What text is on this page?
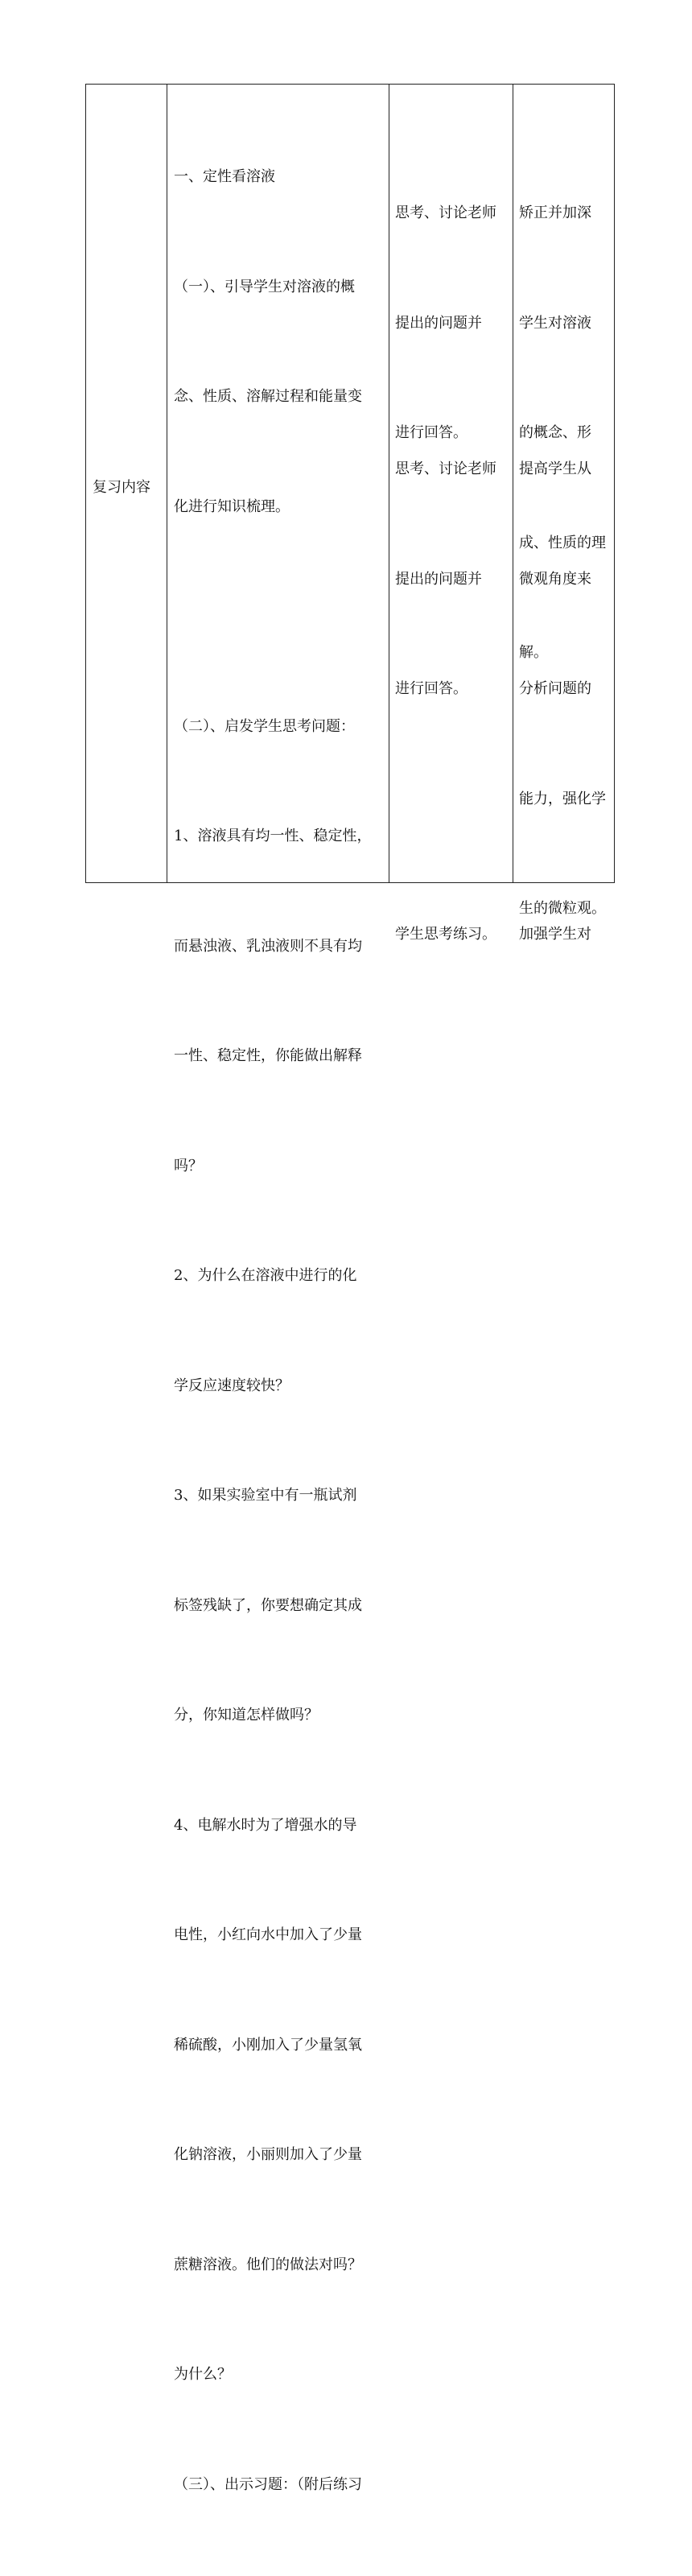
复习内容

一、定性看溶液

（一）、引导学生对溶液的概

念、性质、溶解过程和能量变

化进行知识梳理。

（二）、启发学生思考问题：

1、溶液具有均一性、稳定性，

而悬浊液、乳浊液则不具有均

一性、稳定性，你能做出解释

吗？

2、为什么在溶液中进行的化

学反应速度较快？

3、如果实验室中有一瓶试剂

标签残缺了，你要想确定其成

分，你知道怎样做吗？

4、电解水时为了增强水的导

电性，小红向水中加入了少量

稀硫酸，小刚加入了少量氢氧

化钠溶液，小丽则加入了少量

蔗糖溶液。他们的做法对吗？

为什么？

（三）、出示习题：（附后练习

思考、讨论老师

提出的问题并

进行回答。

思考、讨论老师

提出的问题并

进行回答。

学生思考练习。

矫正并加深

学生对溶液

的概念、形

成、性质的理

解。

提高学生从

微观角度来

分析问题的

能力，强化学

生的微粒观。

加强学生对
